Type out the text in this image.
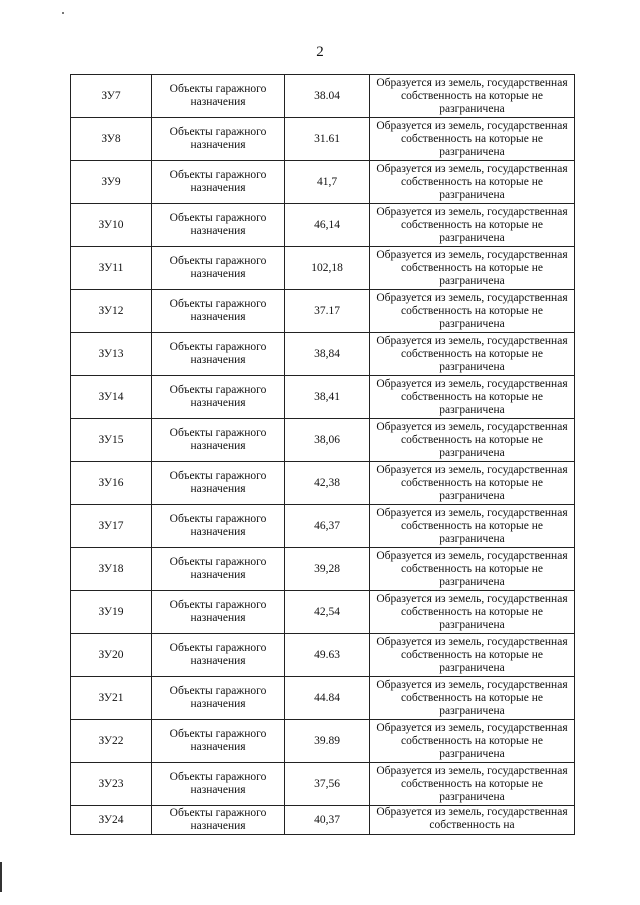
2
ЗУ7	Объекты гаражного назначения	38.04	Образуется из земель, государственная собственность на которые не разграничена
ЗУ8	Объекты гаражного назначения	31.61	Образуется из земель, государственная собственность на которые не разграничена
ЗУ9	Объекты гаражного назначения	41,7	Образуется из земель, государственная собственность на которые не разграничена
ЗУ10	Объекты гаражного назначения	46,14	Образуется из земель, государственная собственность на которые не разграничена
ЗУ11	Объекты гаражного назначения	102,18	Образуется из земель, государственная собственность на которые не разграничена
ЗУ12	Объекты гаражного назначения	37.17	Образуется из земель, государственная собственность на которые не разграничена
ЗУ13	Объекты гаражного назначения	38,84	Образуется из земель, государственная собственность на которые не разграничена
ЗУ14	Объекты гаражного назначения	38,41	Образуется из земель, государственная собственность на которые не разграничена
ЗУ15	Объекты гаражного назначения	38,06	Образуется из земель, государственная собственность на которые не разграничена
ЗУ16	Объекты гаражного назначения	42,38	Образуется из земель, государственная собственность на которые не разграничена
ЗУ17	Объекты гаражного назначения	46,37	Образуется из земель, государственная собственность на которые не разграничена
ЗУ18	Объекты гаражного назначения	39,28	Образуется из земель, государственная собственность на которые не разграничена
ЗУ19	Объекты гаражного назначения	42,54	Образуется из земель, государственная собственность на которые не разграничена
ЗУ20	Объекты гаражного назначения	49.63	Образуется из земель, государственная собственность на которые не разграничена
ЗУ21	Объекты гаражного назначения	44.84	Образуется из земель, государственная собственность на которые не разграничена
ЗУ22	Объекты гаражного назначения	39.89	Образуется из земель, государственная собственность на которые не разграничена
ЗУ23	Объекты гаражного назначения	37,56	Образуется из земель, государственная собственность на которые не разграничена
ЗУ24	Объекты гаражного назначения	40,37	Образуется из земель, государственная собственность на
